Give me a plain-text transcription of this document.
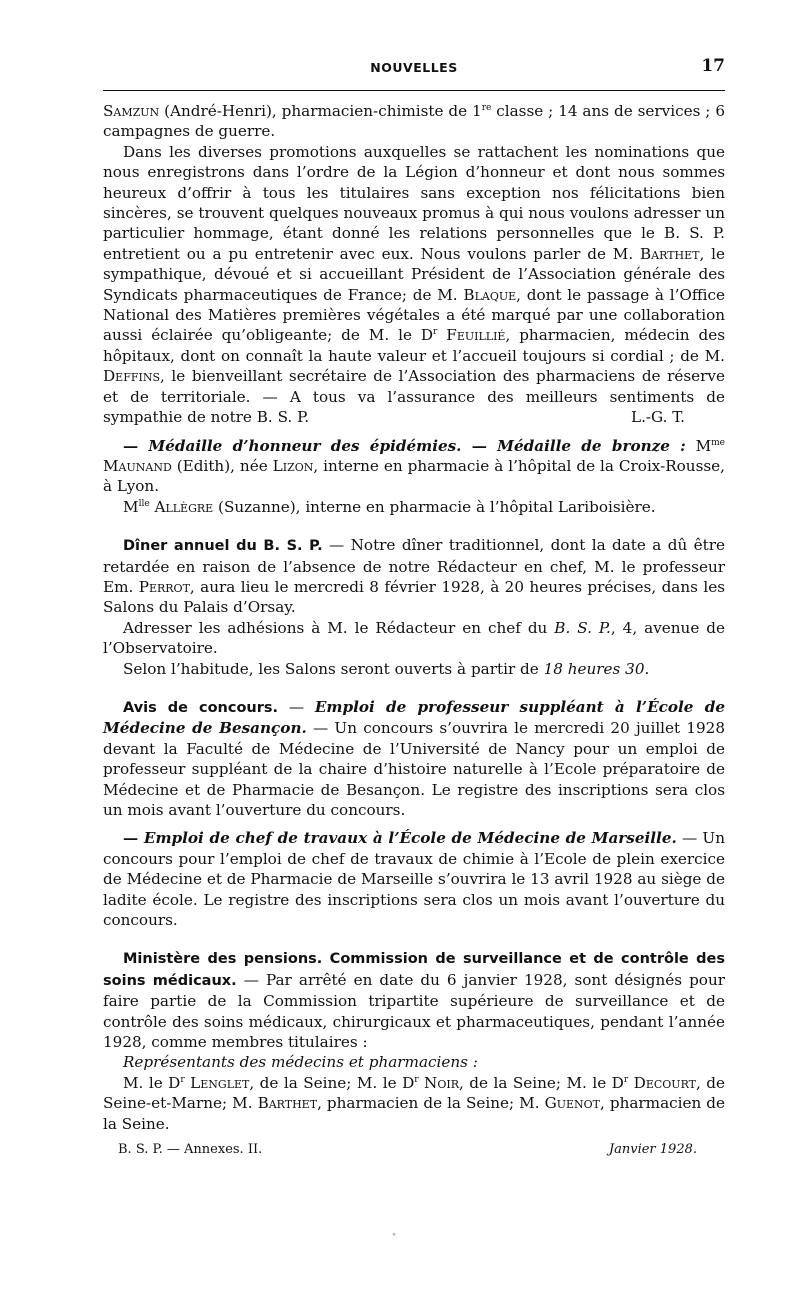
NOUVELLES	17

Samzun (André-Henri), pharmacien-chimiste de 1re classe ; 14 ans de services ; 6 campagnes de guerre.

Dans les diverses promotions auxquelles se rattachent les nominations que nous enregistrons dans l’ordre de la Légion d’honneur et dont nous sommes heureux d’offrir à tous les titulaires sans exception nos félicitations bien sincères, se trouvent quelques nouveaux promus à qui nous voulons adresser un particulier hommage, étant donné les relations personnelles que le B. S. P. entretient ou a pu entretenir avec eux. Nous voulons parler de M. Barthet, le sympathique, dévoué et si accueillant Président de l’Association générale des Syndicats pharmaceutiques de France; de M. Blaque, dont le passage à l’Office National des Matières premières végétales a été marqué par une collaboration aussi éclairée qu’obligeante; de M. le $D^r$ Feuillié, pharmacien, médecin des hôpitaux, dont on connaît la haute valeur et l’accueil toujours si cordial ; de M. Deffins, le bienveillant secrétaire de l’Association des pharmaciens de réserve et de territoriale. — A tous va l’assurance des meilleurs sentiments de sympathie de notre B. S. P.	L.-G. T.

— Médaille d’honneur des épidémies. — Médaille de bronze : $M^{me}$ Maunand (Edith), née Lizon, interne en pharmacie à l’hôpital de la Croix-Rousse, à Lyon.

$M^{lle}$ Allègre (Suzanne), interne en pharmacie à l’hôpital Lariboisière.

Dîner annuel du B. S. P. — Notre dîner traditionnel, dont la date a dû être retardée en raison de l’absence de notre Rédacteur en chef, M. le professeur Em. Perrot, aura lieu le mercredi 8 février 1928, à 20 heures précises, dans les Salons du Palais d’Orsay.

Adresser les adhésions à M. le Rédacteur en chef du B. S. P., 4, avenue de l’Observatoire.

Selon l’habitude, les Salons seront ouverts à partir de 18 heures 30.

Avis de concours. — Emploi de professeur suppléant à l’École de Médecine de Besançon. — Un concours s’ouvrira le mercredi 20 juillet 1928 devant la Faculté de Médecine de l’Université de Nancy pour un emploi de professeur suppléant de la chaire d’histoire naturelle à l’Ecole préparatoire de Médecine et de Pharmacie de Besançon. Le registre des inscriptions sera clos un mois avant l’ouverture du concours.

— Emploi de chef de travaux à l’École de Médecine de Marseille. — Un concours pour l’emploi de chef de travaux de chimie à l’Ecole de plein exercice de Médecine et de Pharmacie de Marseille s’ouvrira le 13 avril 1928 au siège de ladite école. Le registre des inscriptions sera clos un mois avant l’ouverture du concours.

Ministère des pensions. Commission de surveillance et de contrôle des soins médicaux. — Par arrêté en date du 6 janvier 1928, sont désignés pour faire partie de la Commission tripartite supérieure de surveillance et de contrôle des soins médicaux, chirurgicaux et pharmaceutiques, pendant l’année 1928, comme membres titulaires :

Représentants des médecins et pharmaciens :

M. le $D^r$ Lenglet, de la Seine; M. le $D^r$ Noir, de la Seine; M. le $D^r$ Decourt, de Seine-et-Marne; M. Barthet, pharmacien de la Seine; M. Guenot, pharmacien de la Seine.

B. S. P. — Annexes. II.	Janvier 1928.
°
